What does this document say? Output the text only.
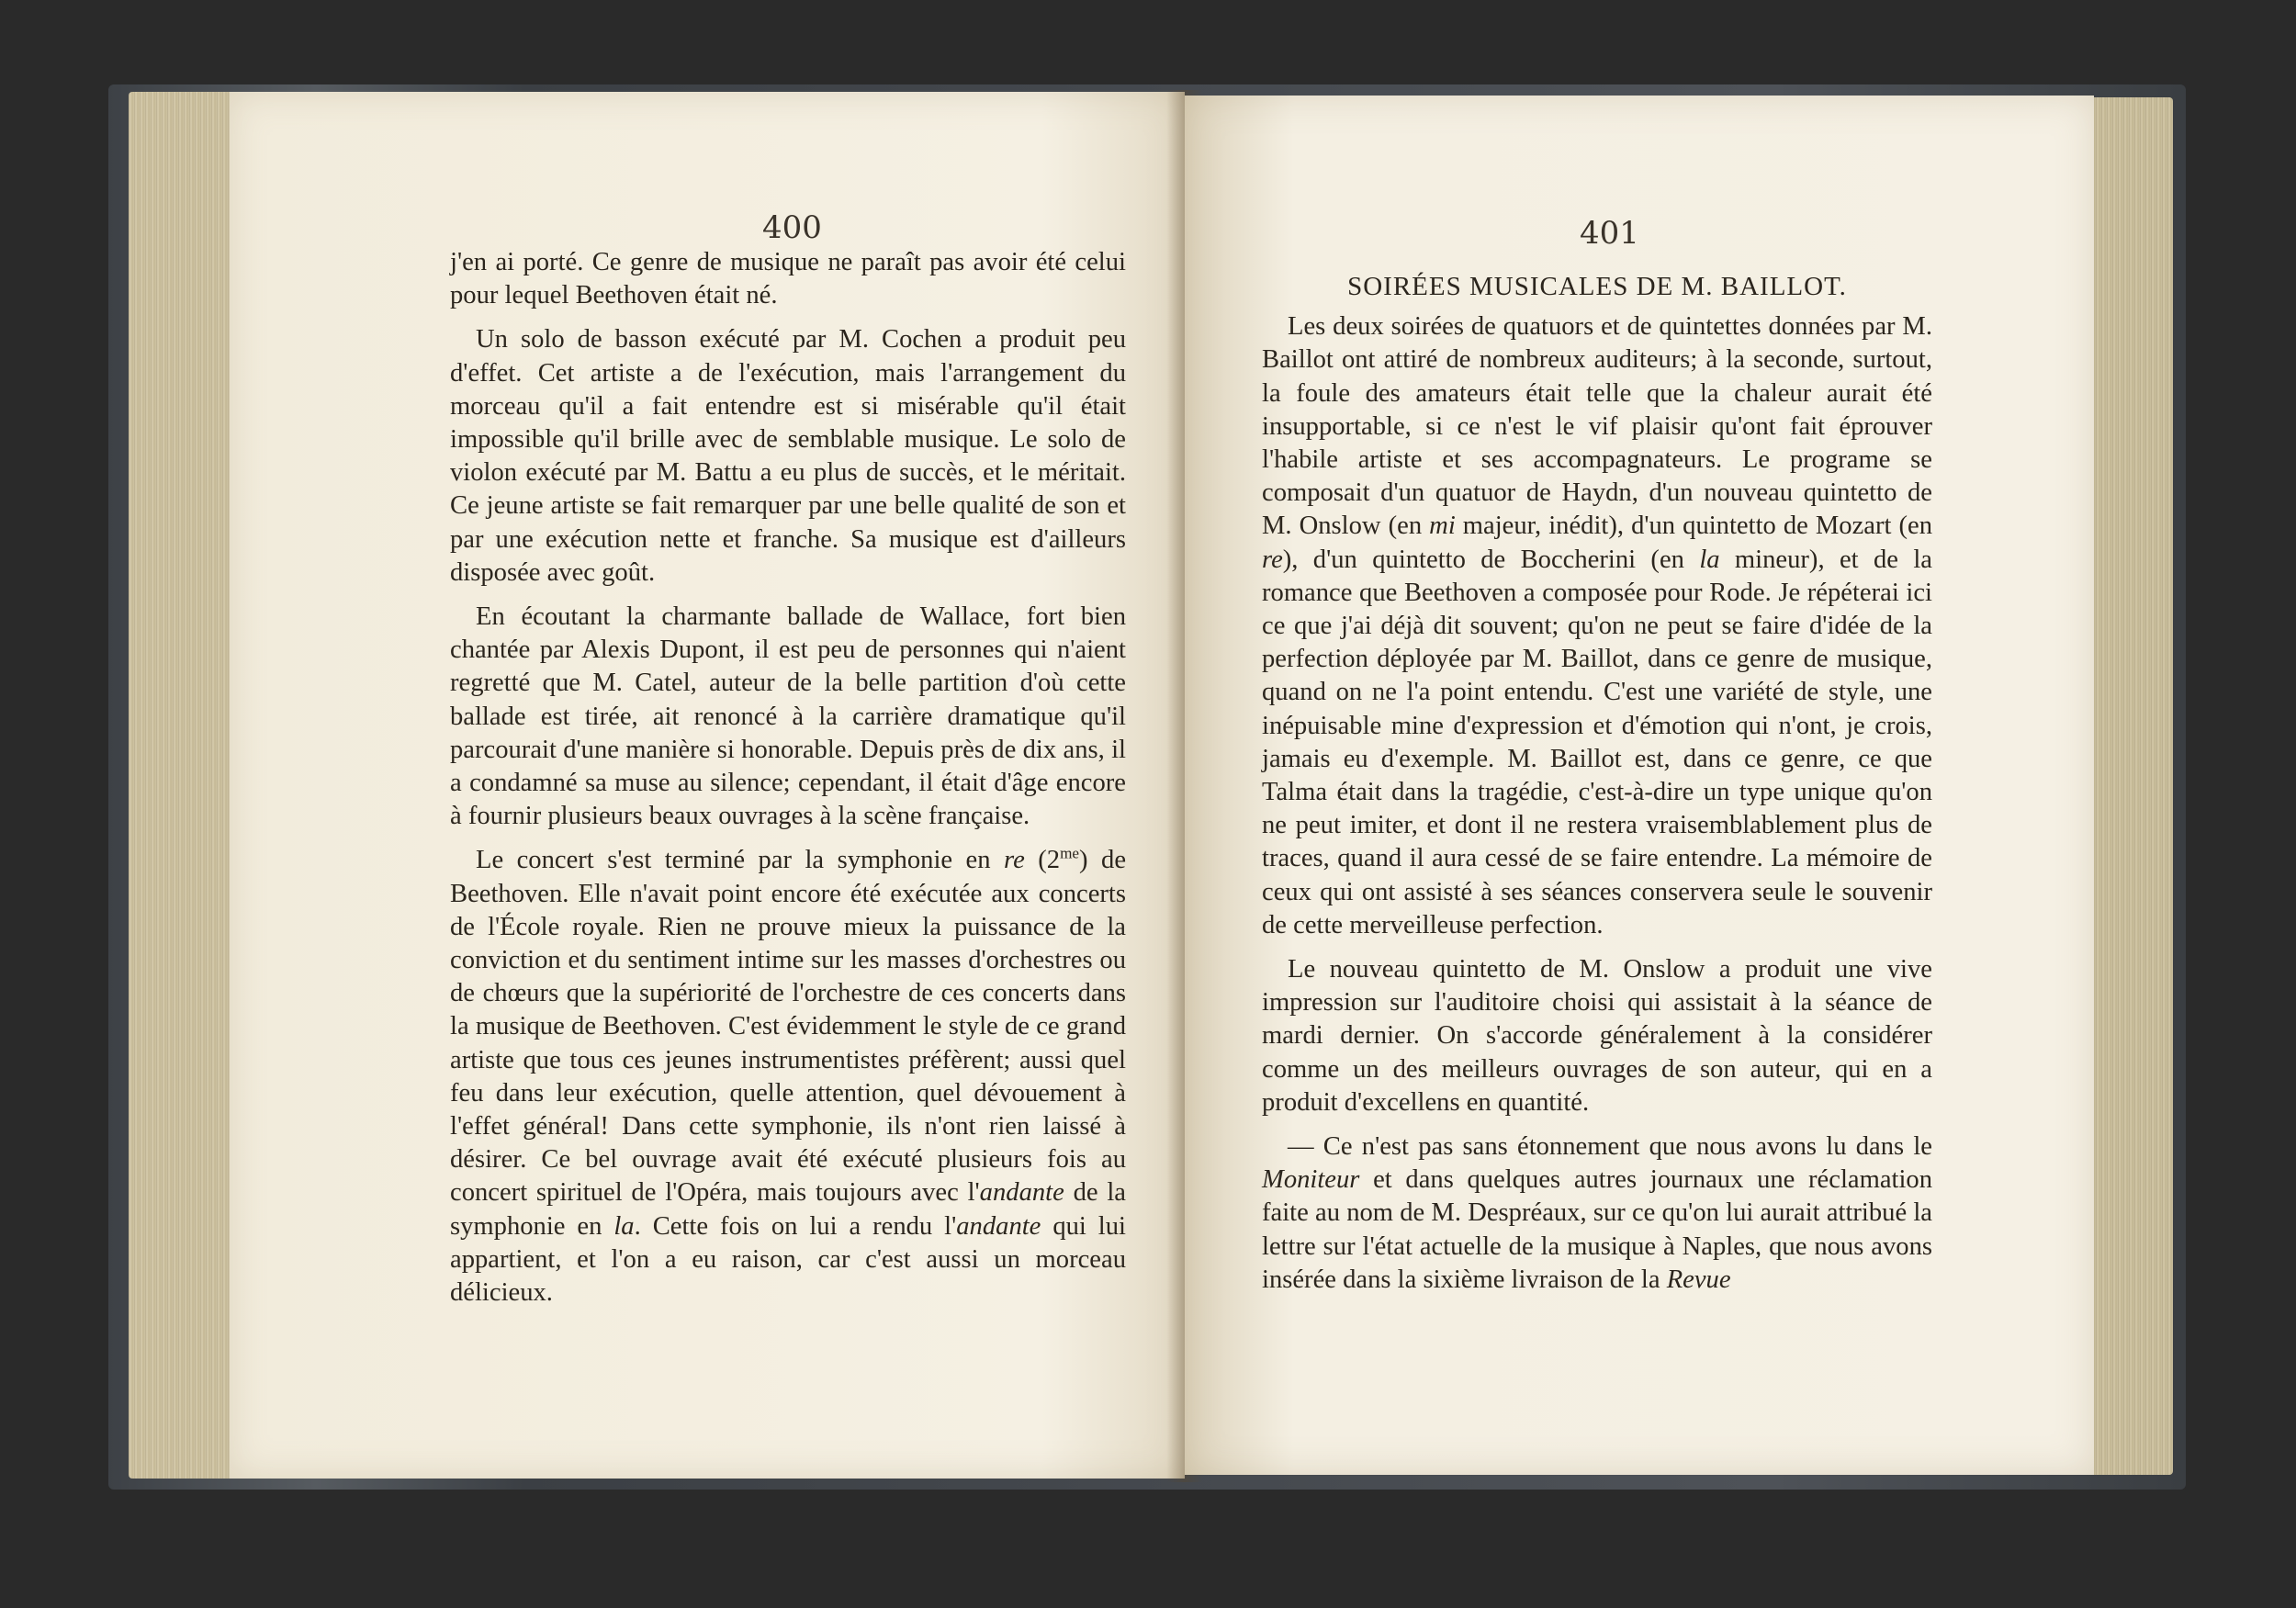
400

j'en ai porté. Ce genre de musique ne paraît pas avoir été celui pour lequel Beethoven était né.

Un solo de basson exécuté par M. Cochen a produit peu d'effet. Cet artiste a de l'exécution, mais l'arrangement du morceau qu'il a fait entendre est si misérable qu'il était impossible qu'il brille avec de semblable musique. Le solo de violon exécuté par M. Battu a eu plus de succès, et le méritait. Ce jeune artiste se fait remarquer par une belle qualité de son et par une exécution nette et franche. Sa musique est d'ailleurs disposée avec goût.

En écoutant la charmante ballade de Wallace, fort bien chantée par Alexis Dupont, il est peu de personnes qui n'aient regretté que M. Catel, auteur de la belle partition d'où cette ballade est tirée, ait renoncé à la carrière dramatique qu'il parcourait d'une manière si honorable. Depuis près de dix ans, il a condamné sa muse au silence; cependant, il était d'âge encore à fournir plusieurs beaux ouvrages à la scène française.

Le concert s'est terminé par la symphonie en re $(2^{me})$ de Beethoven. Elle n'avait point encore été exécutée aux concerts de l'École royale. Rien ne prouve mieux la puissance de la conviction et du sentiment intime sur les masses d'orchestres ou de chœurs que la supériorité de l'orchestre de ces concerts dans la musique de Beethoven. C'est évidemment le style de ce grand artiste que tous ces jeunes instrumentistes préfèrent; aussi quel feu dans leur exécution, quelle attention, quel dévouement à l'effet général! Dans cette symphonie, ils n'ont rien laissé à désirer. Ce bel ouvrage avait été exécuté plusieurs fois au concert spirituel de l'Opéra, mais toujours avec l'andante de la symphonie en la. Cette fois on lui a rendu l'andante qui lui appartient, et l'on a eu raison, car c'est aussi un morceau délicieux.

401
SOIRÉES MUSICALES DE M. BAILLOT.

Les deux soirées de quatuors et de quintettes données par M. Baillot ont attiré de nombreux auditeurs; à la seconde, surtout, la foule des amateurs était telle que la chaleur aurait été insupportable, si ce n'est le vif plaisir qu'ont fait éprouver l'habile artiste et ses accompagnateurs. Le programe se composait d'un quatuor de Haydn, d'un nouveau quintetto de M. Onslow (en mi majeur, inédit), d'un quintetto de Mozart (en re), d'un quintetto de Boccherini (en la mineur), et de la romance que Beethoven a composée pour Rode. Je répéterai ici ce que j'ai déjà dit souvent; qu'on ne peut se faire d'idée de la perfection déployée par M. Baillot, dans ce genre de musique, quand on ne l'a point entendu. C'est une variété de style, une inépuisable mine d'expression et d'émotion qui n'ont, je crois, jamais eu d'exemple. M. Baillot est, dans ce genre, ce que Talma était dans la tragédie, c'est-à-dire un type unique qu'on ne peut imiter, et dont il ne restera vraisemblablement plus de traces, quand il aura cessé de se faire entendre. La mémoire de ceux qui ont assisté à ses séances conservera seule le souvenir de cette merveilleuse perfection.

Le nouveau quintetto de M. Onslow a produit une vive impression sur l'auditoire choisi qui assistait à la séance de mardi dernier. On s'accorde généralement à la considérer comme un des meilleurs ouvrages de son auteur, qui en a produit d'excellens en quantité.

— Ce n'est pas sans étonnement que nous avons lu dans le Moniteur et dans quelques autres journaux une réclamation faite au nom de M. Despréaux, sur ce qu'on lui aurait attribué la lettre sur l'état actuelle de la musique à Naples, que nous avons insérée dans la sixième livraison de la Revue
